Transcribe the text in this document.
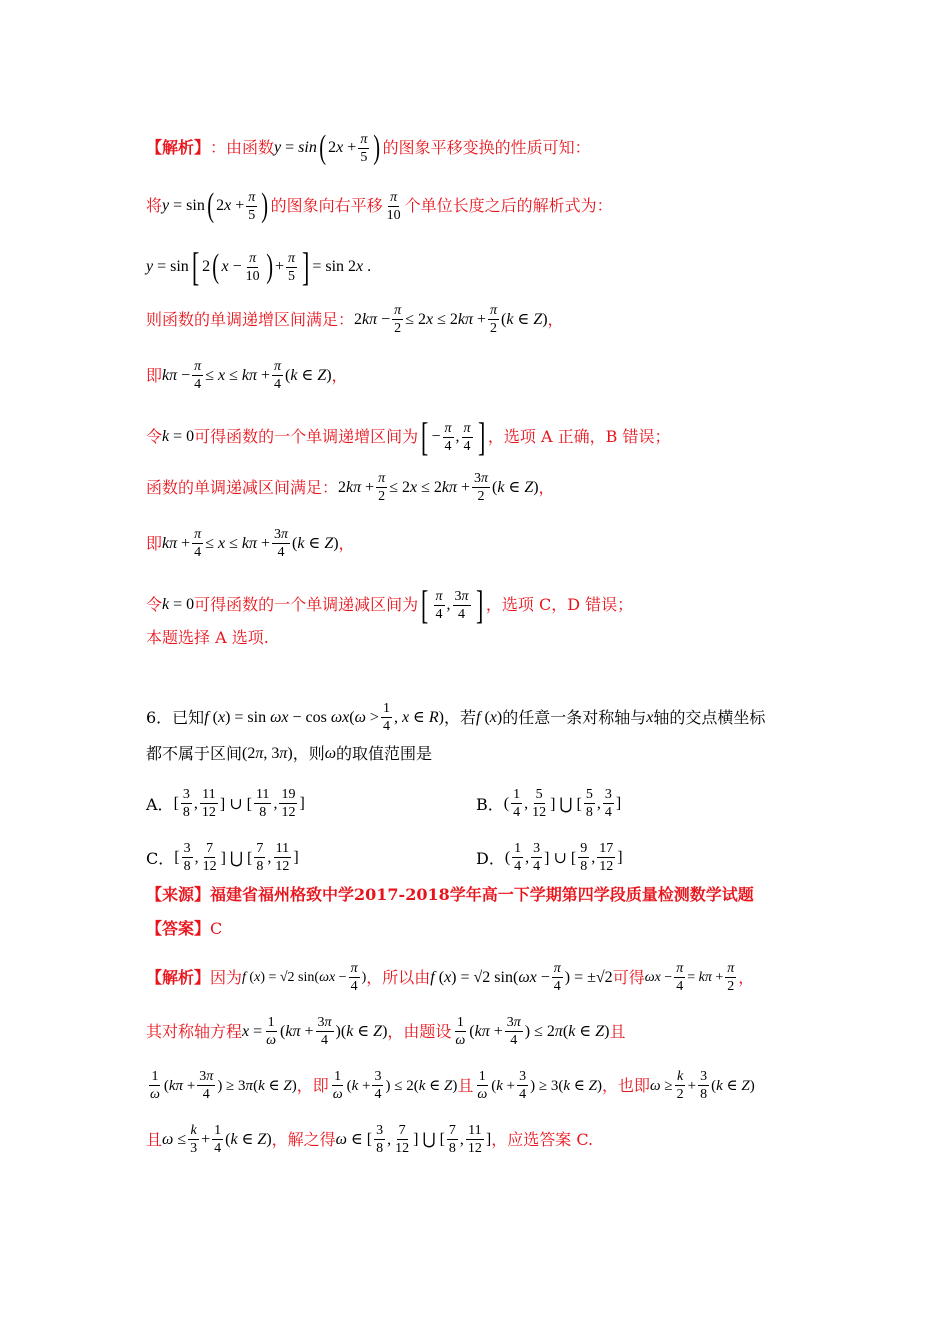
【解析】 ：由函数 y = sin ( $2x + \frac{\pi}{5}$ ) 的图象平移变换的性质可知：
将 y = sin ( $2x + \frac{\pi}{5}$ ) 的图象向右平移 $\frac{\pi}{10}$ 个单位长度之后的解析式为：
y = sin [ 2 ( $x - \frac{\pi}{10}$ ) + $\frac{\pi}{5}$ ] = sin 2x .
则函数的单调递增区间满足： $2k\pi - \frac{\pi}{2} \le 2x \le 2k\pi + \frac{\pi}{2} (k$ ∈ Z) ，
即 $k\pi - \frac{\pi}{4} \le x \le k\pi + \frac{\pi}{4} (k$ ∈ Z) ，
令 k = 0 可得函数的一个单调递增区间为 [ − $\frac{\pi}{4}$ , $\frac{\pi}{4}$ ] ，选项 A 正确，B 错误；
函数的单调递减区间满足： $2k\pi + \frac{\pi}{2} \le 2x \le 2k\pi + \frac{3\pi}{2} (k$ ∈ Z) ，
即 $k\pi + \frac{\pi}{4} \le x \le k\pi + \frac{3\pi}{4} (k$ ∈ Z) ，
令 k = 0 可得函数的一个单调递减区间为 [ $\frac{\pi}{4}$ , $\frac{3\pi}{4}$ ] ，选项 C，D 错误；
本题选择 A 选项.
6．已知 f $(x) = \sin \omega x - \cos \omega x(\omega > \frac{1}{4}$ , x ∈ R) ，若 f (x) 的任意一条对称轴与 x 轴的交点横坐标
都不属于区间 (2π, 3π) ，则 ω 的取值范围是
A． [ $\frac{3}{8}$ , $\frac{11}{12}$ ] ∪ [ $\frac{11}{8}$ , $\frac{19}{12}$ ]	B． ( $\frac{1}{4}$ , $\frac{5}{12}$ ] ⋃ [ $\frac{5}{8}$ , $\frac{3}{4}$ ]
C． [ $\frac{3}{8}$ , $\frac{7}{12}$ ] ⋃ [ $\frac{7}{8}$ , $\frac{11}{12}$ ]	D． ( $\frac{1}{4}$ , $\frac{3}{4}$ ] ∪ [ $\frac{9}{8}$ , $\frac{17}{12}$ ]
【来源】 福建省福州格致中学2017-2018学年高一下学期第四学段质量检测数学试题
【答案】 C
【解析】 因为 f (x) = √2 $\sin(\omega x - \frac{\pi}{4}$ ) ，所以由 f (x) = √2 $\sin(\omega x - \frac{\pi}{4}$ ) = ±√2 可得 $\omega x - \frac{\pi}{4} = k\pi + \frac{\pi}{2}$ ，
其对称轴方程 $x = \frac{1}{\omega} (k\pi + \frac{3\pi}{4} )(k$ ∈ Z) ，由题设 $\frac{1}{\omega} (k\pi + \frac{3\pi}{4}$ ) ≤ 2π(k ∈ Z) 且
$\frac{1}{\omega} (k\pi + \frac{3\pi}{4}$ ) ≥ 3π(k ∈ Z) ，即 $\frac{1}{\omega} (k + \frac{3}{4}$ ) ≤ 2(k ∈ Z) 且 $\frac{1}{\omega} (k + \frac{3}{4}$ ) ≥ 3(k ∈ Z) ，也即 $\omega \ge \frac{k}{2} + \frac{3}{8} (k$ ∈ Z)
且 $\omega \le \frac{k}{3} + \frac{1}{4} (k$ ∈ Z) ，解之得 ω ∈ [ $\frac{3}{8}$ , $\frac{7}{12}$ ] ⋃ [ $\frac{7}{8}$ , $\frac{11}{12}$ ] ，应选答案 C.
